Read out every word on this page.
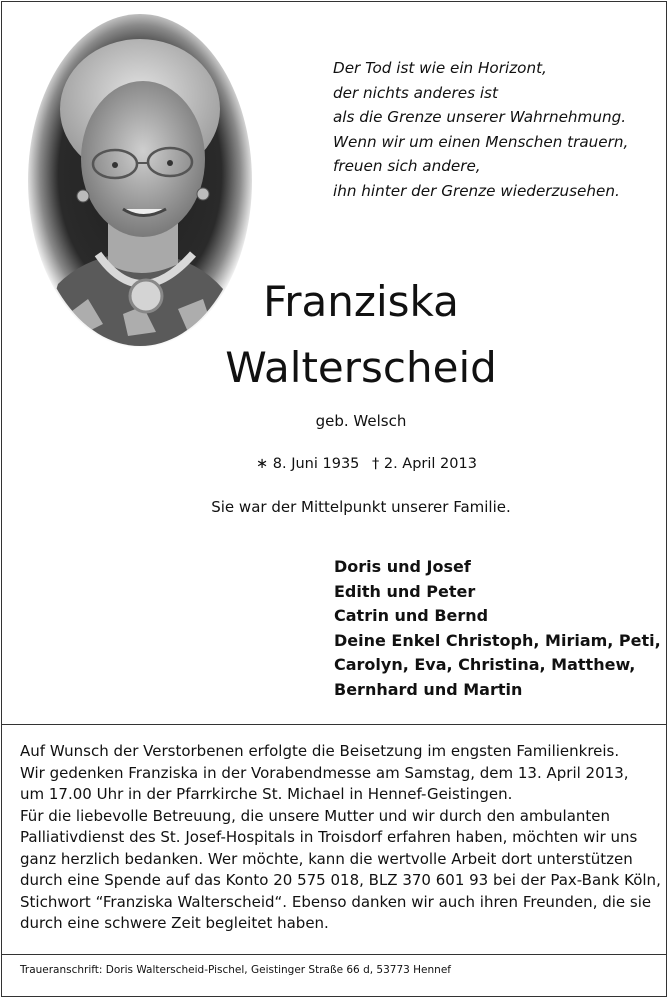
Der Tod ist wie ein Horizont,
der nichts anderes ist
als die Grenze unserer Wahrnehmung.
Wenn wir um einen Menschen trauern,
freuen sich andere,
ihn hinter der Grenze wiederzusehen.
Franziska
Walterscheid
geb. Welsch
∗ 8. Juni 1935 † 2. April 2013
Sie war der Mittelpunkt unserer Familie.
Doris und Josef
Edith und Peter
Catrin und Bernd
Deine Enkel Christoph, Miriam, Peti,
Carolyn, Eva, Christina, Matthew,
Bernhard und Martin
Auf Wunsch der Verstorbenen erfolgte die Beisetzung im engsten Familienkreis.
Wir gedenken Franziska in der Vorabendmesse am Samstag, dem 13. April 2013,
um 17.00 Uhr in der Pfarrkirche St. Michael in Hennef-Geistingen.
Für die liebevolle Betreuung, die unsere Mutter und wir durch den ambulanten
Palliativdienst des St. Josef-Hospitals in Troisdorf erfahren haben, möchten wir uns
ganz herzlich bedanken. Wer möchte, kann die wertvolle Arbeit dort unterstützen
durch eine Spende auf das Konto 20 575 018, BLZ 370 601 93 bei der Pax-Bank Köln,
Stichwort “Franziska Walterscheid“. Ebenso danken wir auch ihren Freunden, die sie
durch eine schwere Zeit begleitet haben.
Traueranschrift: Doris Walterscheid-Pischel, Geistinger Straße 66 d, 53773 Hennef
